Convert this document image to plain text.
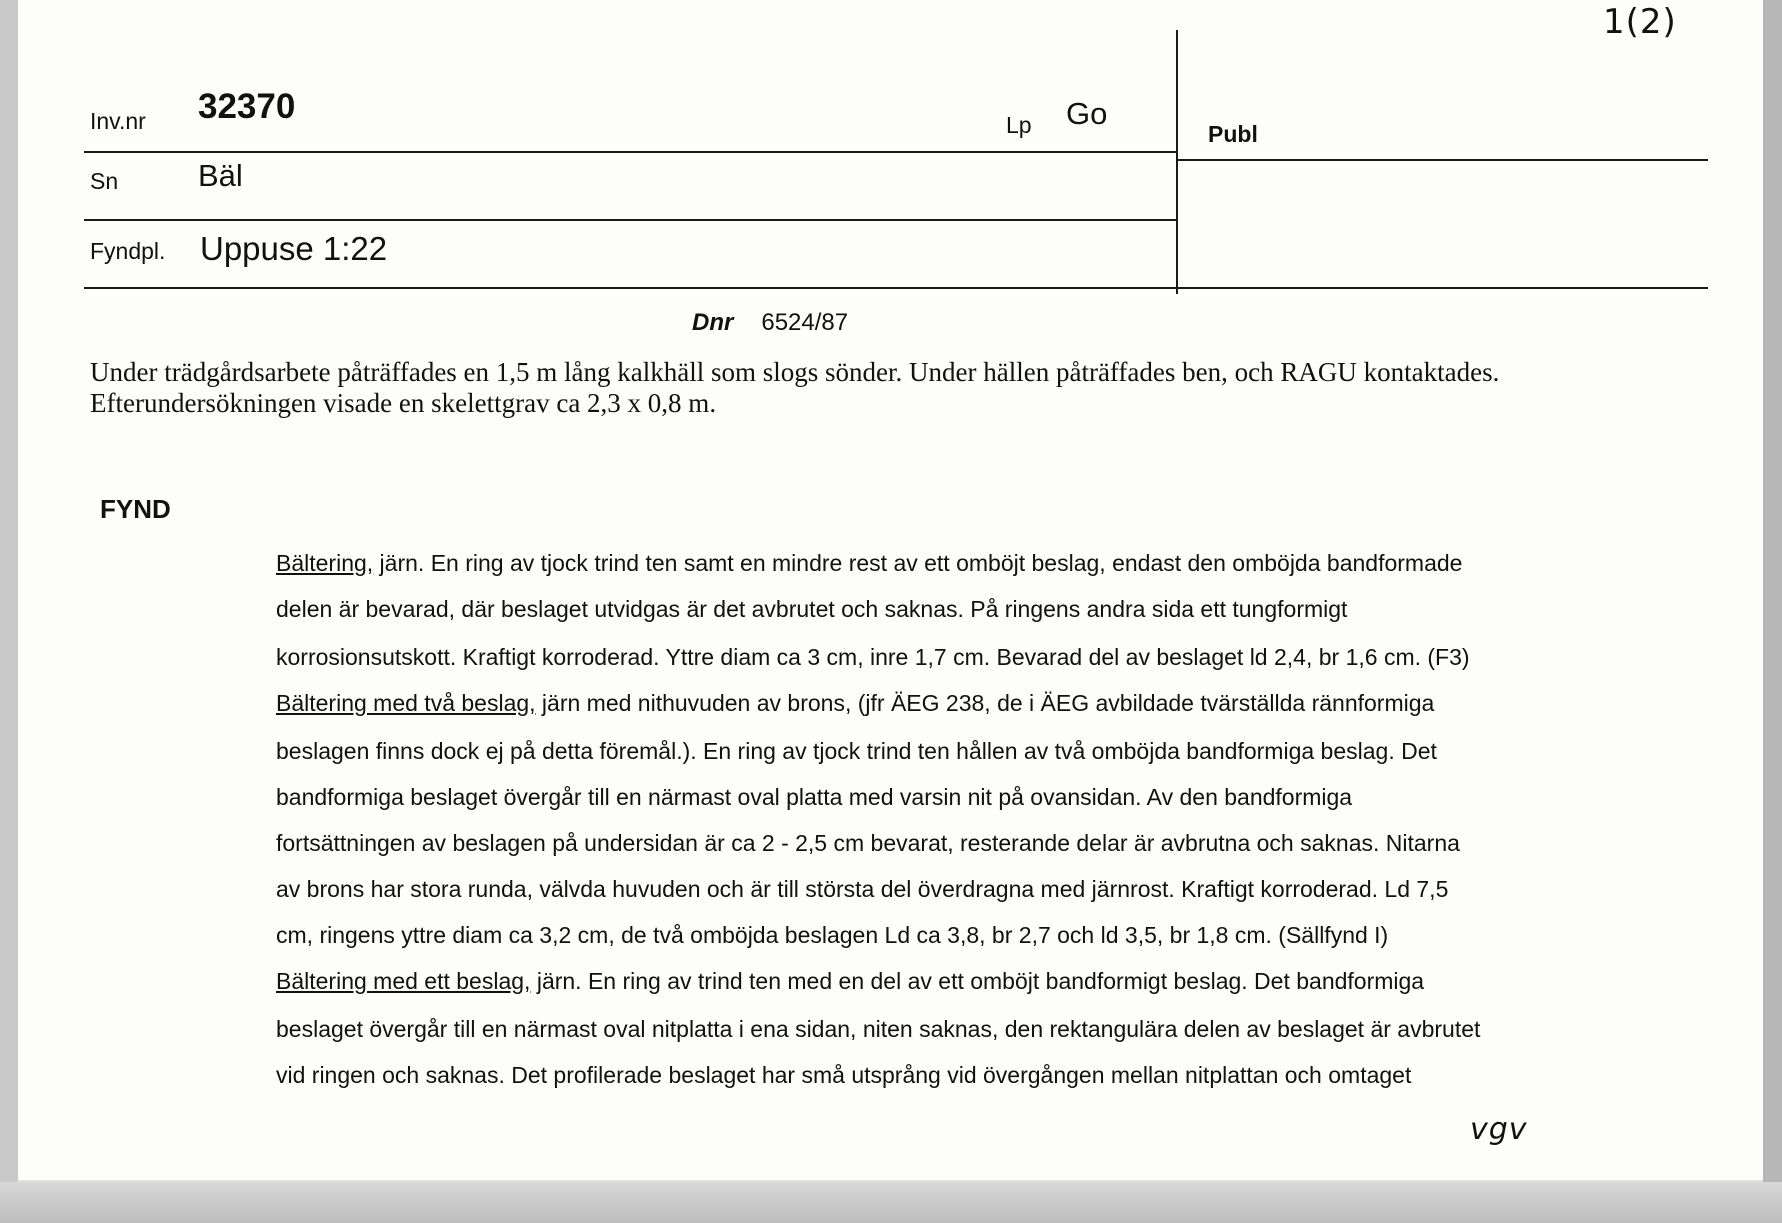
1(2)
Inv.nr 32370	Lp Go
Publ
Sn	Bäl
Fyndpl. Uppuse 1:22
Dnr 6524/87
Under trädgårdsarbete påträffades en 1,5 m lång kalkhäll som slogs sönder. Under hällen påträffades ben, och RAGU kontaktades.
Efterundersökningen visade en skelettgrav ca 2,3 x 0,8 m.
FYND
Bältering, järn. En ring av tjock trind ten samt en mindre rest av ett omböjt beslag, endast den omböjda bandformade
delen är bevarad, där beslaget utvidgas är det avbrutet och saknas. På ringens andra sida ett tungformigt
korrosionsutskott. Kraftigt korroderad. Yttre diam ca 3 cm, inre 1,7 cm. Bevarad del av beslaget ld 2,4, br 1,6 cm. (F3)
Bältering med två beslag, järn med nithuvuden av brons, (jfr ÄEG 238, de i ÄEG avbildade tvärställda rännformiga
beslagen finns dock ej på detta föremål.). En ring av tjock trind ten hållen av två omböjda bandformiga beslag. Det
bandformiga beslaget övergår till en närmast oval platta med varsin nit på ovansidan. Av den bandformiga
fortsättningen av beslagen på undersidan är ca 2 - 2,5 cm bevarat, resterande delar är avbrutna och saknas. Nitarna
av brons har stora runda, välvda huvuden och är till största del överdragna med järnrost. Kraftigt korroderad. Ld 7,5
cm, ringens yttre diam ca 3,2 cm, de två omböjda beslagen Ld ca 3,8, br 2,7 och ld 3,5, br 1,8 cm. (Sällfynd I)
Bältering med ett beslag, järn. En ring av trind ten med en del av ett omböjt bandformigt beslag. Det bandformiga
beslaget övergår till en närmast oval nitplatta i ena sidan, niten saknas, den rektangulära delen av beslaget är avbrutet
vid ringen och saknas. Det profilerade beslaget har små utsprång vid övergången mellan nitplattan och omtaget
vgv
